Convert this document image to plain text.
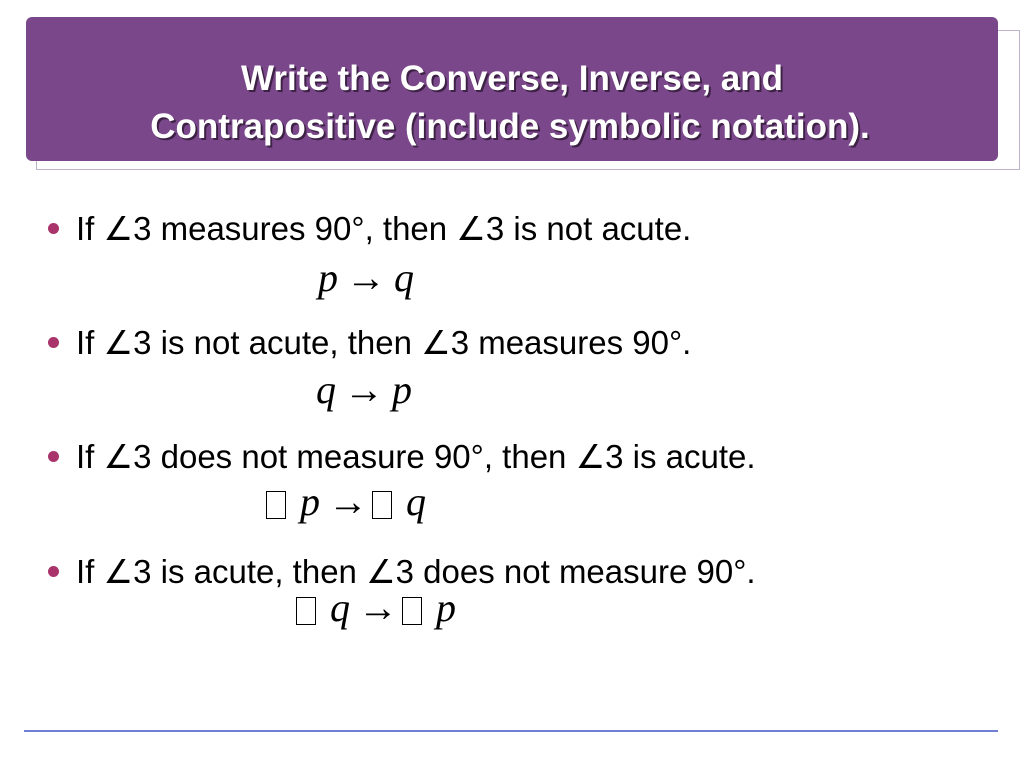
Write the Converse, Inverse, and
Contrapositive (include symbolic notation).
If ∠3 measures 90°, then ∠3 is not acute.
p → q
If ∠3 is not acute, then ∠3 measures 90°.
q → p
If ∠3 does not measure 90°, then ∠3 is acute.
p → q
If ∠3 is acute, then ∠3 does not measure 90°.
q → p
